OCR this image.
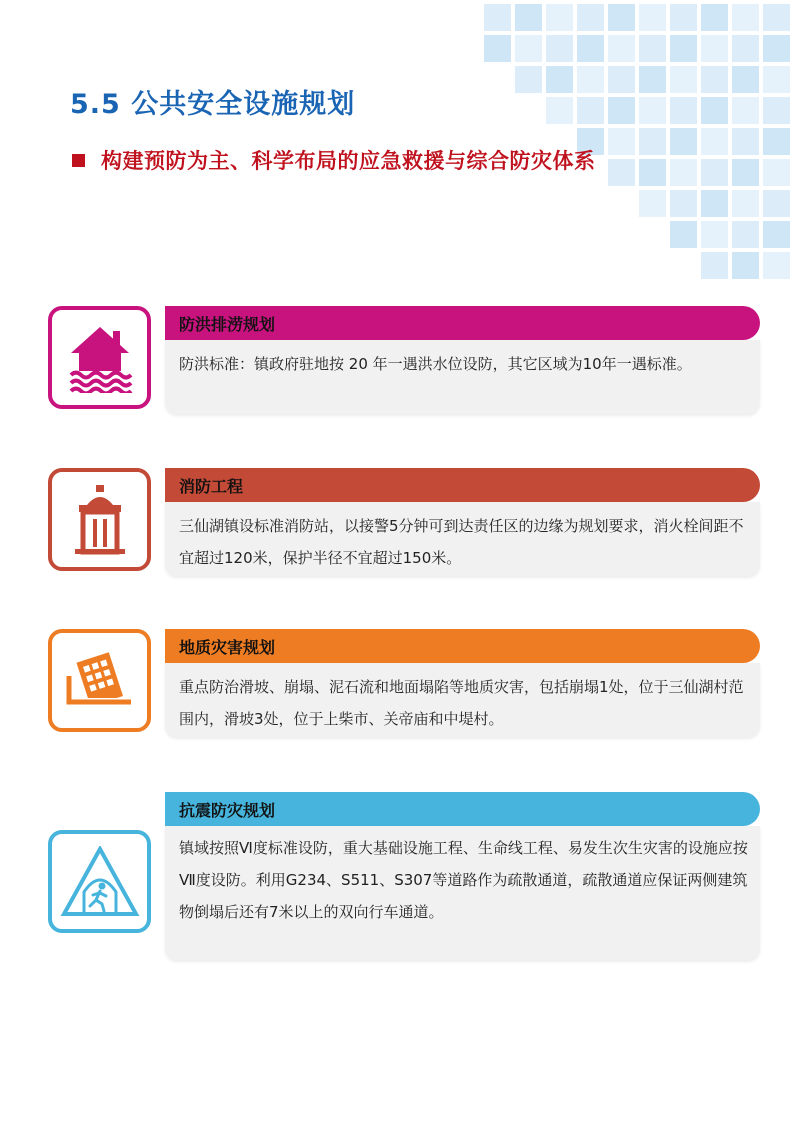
5.5 公共安全设施规划
构建预防为主、科学布局的应急救援与综合防灾体系
防洪排涝规划
防洪标准：镇政府驻地按 20 年一遇洪水位设防，其它区域为10年一遇标准。
消防工程
三仙湖镇设标准消防站，以接警5分钟可到达责任区的边缘为规划要求，消火栓间距不宜超过120米，保护半径不宜超过150米。
地质灾害规划
重点防治滑坡、崩塌、泥石流和地面塌陷等地质灾害，包括崩塌1处，位于三仙湖村范围内，滑坡3处，位于上柴市、关帝庙和中堤村。
抗震防灾规划
镇域按照Ⅵ度标准设防，重大基础设施工程、生命线工程、易发生次生灾害的设施应按Ⅶ度设防。利用G234、S511、S307等道路作为疏散通道，疏散通道应保证两侧建筑物倒塌后还有7米以上的双向行车通道。
